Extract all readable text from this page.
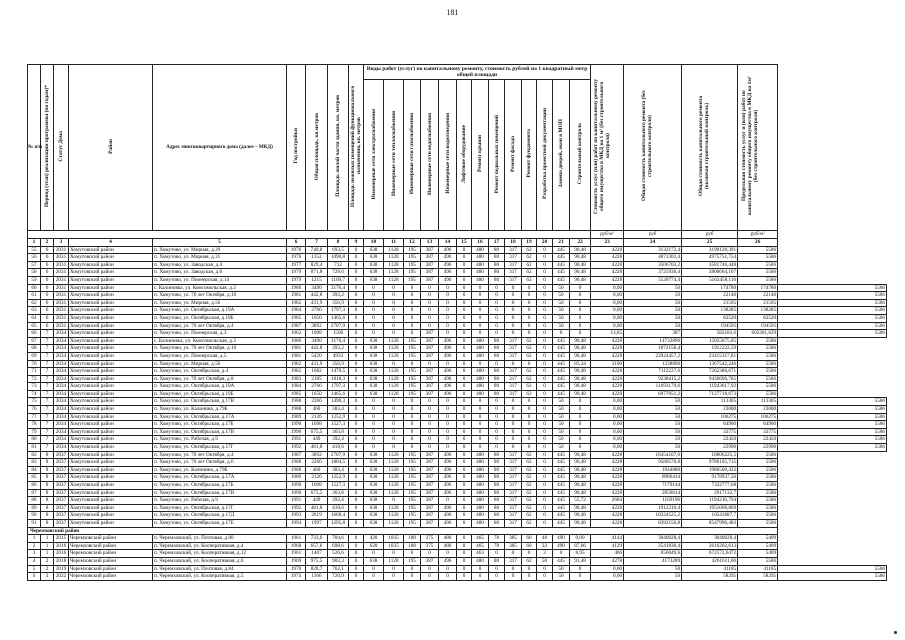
181
№ п/п	Период (этап) реализации программы (по годам)*	Статус Дома	Район	Адрес многоквартирного дома (далее – МКД)	Год постройки	Общая площадь, кв.метров	Площадь жилой части здания, кв. метров	Площадь нежилых помещений функционального назначения, кв. метров	Виды работ (услуг) по капитальному ремонту, стоимость рублей на 1 квадратный метр общей площади													Стоимость услуг (или) работ по капитальному ремонту общего имущества в МКД на 1 м² (без строительного контроля)	Общая стоимость капитального ремонта (без строительного контроля)	Общая стоимость капитального ремонта (включая строительный контроль)	Предельная стоимость услуг и (или) работ по капитальному ремонту общего имущества в МКД на 1м² (без строительного контроля)	
									Инженерные сети электроснабжения	Инженерные сети теплоснабжения	Инженерные сети газоснабжения	Инженерные сети водоснабжения	Инженерные сети водоотведения	Лифтовое оборудование	Ремонт крыши	Ремонт подвальных помещений	Ремонт фасада	Ремонт фундамента	Разработка проектной документации	Замена дверей, окон в МОП	Строительный контроль					
																						руб/м²	руб	руб	руб/м²	
1	2	3	4	5	6	7	8	9	10	11	12	13	14	15	16	17	18	19	20	21	22	23	24	25	26	
55	6	2031	Хомутовский район	п. Хомутово, ул. Мирная, д.29	1976	740,8	693,5	0	638	1128	195	387	496	0	480	80	317	62	0	445	90,48	4228	3132172,4	3190128,391	5586	
56	6	2031	Хомутовский район	п. Хомутово, ул. Мирная, д.31	1976	1152	1090,8	0	638	1128	195	387	496	0	480	80	317	62	0	445	90,48	4228	4871301,4	4975751,754	5586	
57	6	2031	Хомутовский район	п. Хомутово, ул. Заводская, д.4	1977	829,4	712	0	638	1128	195	387	496	0	480	80	317	62	0	445	90,48	4228	3506703,2	3581746,448	5586	
58	6	2031	Хомутовский район	п. Хомутово, ул. Заводская, д.6	1979	871,8	728,6	0	638	1128	195	387	496	0	480	80	317	62	0	445	90,48	4228	3725930,4	3806664,167	5586	
59	6	2031	Хомутовский район	п. Хомутово, ул. Пионерская, д.14	1979	1215	1169,7	0	638	1128	195	387	496	0	480	80	317	62	0	445	90,48	4228	5120774,4	5162458,116	5586	
60	6	2031	Хомутовский район	с. Калиновка, ул. Комсомольская, д.3	1980	3490	3176,4	0	0	0	0	0	0	0	0	0	0	0	0	50	0	0,00	50	174780	174780	5586
61	6	2031	Хомутовский район	п. Хомутово, ул. 70 лет Октября, д.10	1981	442,8	393,2	0	0	0	0	0	0	0	0	0	0	0	0	50	0	0,00	50	22140	22140	5586
62	6	2031	Хомутовский район	п. Хомутово, ул. Мирная, д.56	1982	431,9	356,9	0	0	0	0	0	0	0	0	0	0	0	0	50	0	0,00	50	21595	21595	5586
63	6	2031	Хомутовский район	п. Хомутово, ул. Октябрьская, д.19А	1984	2766	1797,3	0	0	0	0	0	0	0	0	0	0	0	0	50	0	0,00	50	138285	138285	5586
64	6	2031	Хомутовский район	п. Хомутово, ул. Октябрьская, д.19Б	1985	1650	1465,6	0	0	0	0	0	0	0	0	0	0	0	0	50	0	0,00	50	82520	82520	5586
65	6	2031	Хомутовский район	п. Хомутово, ул. 70 лет Октября, д.4	1987	3892	2707,9	0	0	0	0	0	0	0	0	0	0	0	0	50	0	0,00	50	194595	194595	5586
66	7	2034	Хомутовский район	п. Хомутово, ул. Пионерская, д.3	1962	1908	1506	0	0	0	0	387	0	0	0	0	0	0	0	0	0	13,85	387	582183,6	602301,629	5586
67	7	2034	Хомутовский район	с. Калиновка, ул. Комсомольская, д.3	1980	3490	3176,4	0	638	1128	195	387	496	0	480	80	317	62	0	445	90,48	4228	14732896	15055675,85	5586	
68	7	2034	Хомутовский район	п. Хомутово, ул. 70 лет Октября, д.10	1981	442,8	393,2	0	638	1128	195	387	496	0	480	80	317	62	0	445	90,48	4228	1872158,4	1912222,59	5586	
69	7	2034	Хомутовский район	п. Хомутово, ул. Пионерская, д.5	1981	5420	4933	0	638	1128	195	387	496	0	480	80	317	62	0	445	90,48	4228	22924457,2	23415317,81	5586	
70	7	2034	Хомутовский район	п. Хомутово, ул. Мирная, д.56	1982	431,9	356,9	0	638	0	0	0	0	0	0	0	0	0	0	445	83,34	3100	1338890	1367542,246	5586	
71	7	2034	Хомутовский район	п. Хомутово, ул. Октябрьская, д.4	1982	1682	1479,5	0	638	1128	195	387	496	0	480	80	317	62	0	445	90,48	4228	7112227,6	7262386,671	5586	
72	7	2034	Хомутовский район	п. Хомутово, ул. 70 лет Октября, д.8	1983	2185	1818,3	0	638	1128	195	387	496	0	480	80	317	62	0	445	90,48	4228	9238415,2	9436696,785	5586	
73	7	2034	Хомутовский район	п. Хомутово, ул. Октябрьская, д.19А	1984	2766	1797,3	0	638	1128	195	387	496	0	480	80	317	62	0	445	90,48	4228	11693179,6	11943617,92	5586	
74	7	2034	Хомутовский район	п. Хомутово, ул. Октябрьская, д.19Б	1985	1650	1465,6	0	638	1128	195	387	496	0	480	80	317	62	0	445	90,48	4228	6977051,2	7127718,673	5586	
75	7	2034	Хомутовский район	п. Хомутово, ул. Октябрьская, д.17В	1988	2266	1498,3	0	0	0	0	0	0	0	0	0	0	0	0	50	0	0,00	50	113305	113305	5586
76	7	2034	Хомутовский район	п. Хомутово, ул. Калинина, д.79Б	1988	460	383,4	0	0	0	0	0	0	0	0	0	0	0	0	50	0	0,00	50	23000	23000	5586
77	7	2034	Хомутовский район	п. Хомутово, ул. Октябрьская, д.17А	1989	2126	1252,9	0	0	0	0	0	0	0	0	0	0	0	0	50	0	0,00	50	106275	106275	5586
78	7	2034	Хомутовский район	п. Хомутово, ул. Октябрьская, д.17Б	1990	1698	1527,3	0	0	0	0	0	0	0	0	0	0	0	0	50	0	0,00	50	84900	84900	5586
79	7	2034	Хомутовский район	п. Хомутово, ул. Октябрьская, д.17В	1990	675,5	363,8	0	0	0	0	0	0	0	0	0	0	0	0	50	0	0,00	50	33775	33775	5586
80	7	2034	Хомутовский район	п. Хомутово, ул. Рабочая, д.9	1991	449	392,4	0	0	0	0	0	0	0	0	0	0	0	0	50	0	0,00	50	22450	22450	5586
81	7	2034	Хомутовский район	п. Хомутово, ул. Октябрьская, д.17Г	1992	481,8	418,6	0	0	0	0	0	0	0	0	0	0	0	0	50	0	0,00	50	22990	22990	5586
82	8	2037	Хомутовский район	п. Хомутово, ул. 70 лет Октября, д.4	1987	3892	2707,9	0	638	1128	195	387	496	0	480	80	317	62	0	445	90,48	4228	16454107,6	16806225,5	5586	
83	8	2037	Хомутовский район	п. Хомутово, ул. 70 лет Октября, д.6	1988	2266	1804,5	0	638	1128	195	387	496	0	480	80	317	62	0	445	90,48	4228	9580570,8	9786105,715	5586	
84	8	2037	Хомутовский район	п. Хомутово, ул. Калинина, д.79Б	1988	460	383,4	0	638	1128	195	387	496	0	480	80	317	62	0	445	90,48	4228	1944880	1986500,432	5586	
85	8	2037	Хомутовский район	п. Хомутово, ул. Октябрьская, д.17А	1989	2126	1252,9	0	638	1128	195	387	496	0	480	80	317	62	0	445	90,48	4228	8986414	9178937,56	5586	
86	8	2037	Хомутовский район	п. Хомутово, ул. Октябрьская, д.17Б	1990	1698	1527,3	0	638	1128	195	387	496	0	480	80	317	62	0	445	90,48	4228	7179144	7332777,68	5586	
87	8	2037	Хомутовский район	п. Хомутово, ул. Октябрьская, д.17В	1990	675,5	363,8	0	638	1128	195	387	496	0	480	80	317	62	0	445	90,48	4228	2856014	2917132,7	5586	
88	8	2037	Хомутовский район	п. Хомутово, ул. Рабочая, д.9	1991	449	392,4	0	638	0	195	387	0	0	480	80	317	62	0	445	55,72	2604	1169196	1194216,794	5586	
89	8	2037	Хомутовский район	п. Хомутово, ул. Октябрьская, д.17Г	1992	481,8	418,6	0	638	1128	195	387	496	0	480	80	317	62	0	445	90,48	4228	1912210,4	1951068,869	5586	
90	8	2037	Хомутовский район	п. Хомутово, ул. Октябрьская, д.17Д	1993	2619	1668,4	0	638	1128	195	387	496	0	480	80	317	62	0	445	90,48	4228	10324525,2	10543887,7	5586	
91	8	2037	Хомутовский район	п. Хомутово, ул. Октябрьская, д.17Е	1994	1997	1295,8	0	638	1128	195	387	496	0	480	80	317	62	0	445	90,48	4228	8392156,8	8547996,483	5586	
Черемховский район																										
1	1	2015	Черемховский район	п. Черемховский, ул. Почтовая, д.80	1961	733,6	704,6	0	420	1035	188	375	480	0	465	78	305	60	48	490	0,00	4144	3040028,4	3040028,4	5409	
2	1	2016	Черемховский район	п. Черемховский, ул. Кооперативная, д.4	1968	657,6	698,6	0	620	1035	188	375	480	0	465	78	305	60	33	490	87,66	4129	2541830,4	2616202,613	5409	
3	1	2016	Черемховский район	п. Черемховский, ул. Кооперативная, д.12	1961	1407	526,6	0	0	0	0	0	0	0	463	0	0	0	3	0	8,95	466	656049,6	672572,6472	5409	
4	2	2018	Черемховский район	п. Черемховский, ул. Кооперативная, д.6	1969	975,5	903,3	0	638	1128	195	387	496	0	480	80	317	62	50	445	91,48	4278	4173289	4261611,66	5586	
5	2	2019	Черемховский район	п. Черемховский, ул. Почтовая, д.84	1970	828,7	762,1	0	0	0	0	0	0	0	0	0	0	0	0	50	0	0,00	50	41185	41185	5586
6	3	2022	Черемховский район	п. Черемховский, ул. Кооперативная, д.5	1974	1166	720,9	0	0	0	0	0	0	0	0	0	0	0	0	50	0	0,00	50	58295	58295	5586
